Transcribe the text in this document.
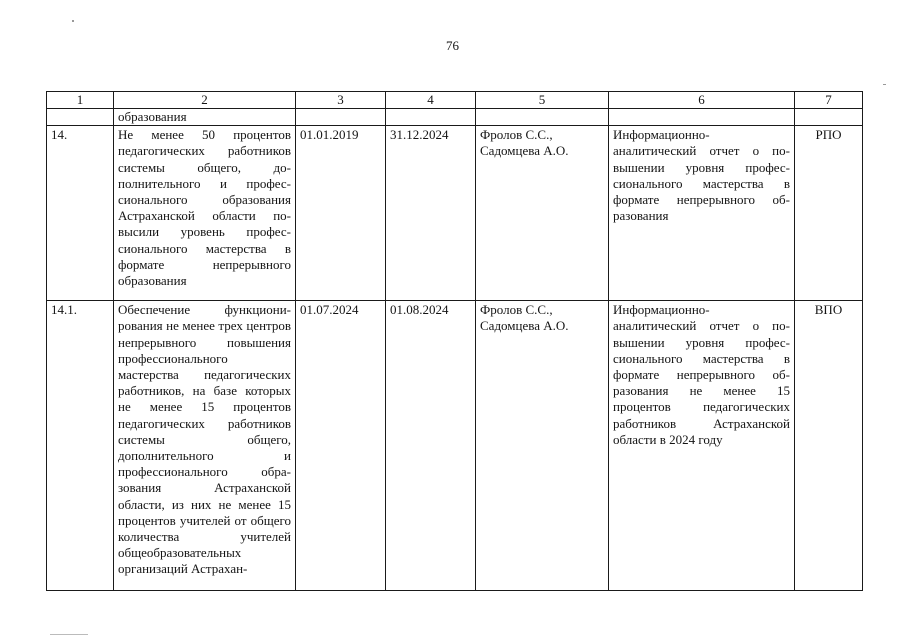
76
1	2	3	4	5	6	7
	образования					
14.	Не менее 50 процентов педагогических работников системы общего, дополнительного и профессионального образования Астраханской области повысили уровень профессионального мастерства в формате непрерывного образования	01.01.2019	31.12.2024	Фролов С.С., Садомцева А.О.	Информационно-аналитический отчет о повышении уровня профессионального мастерства в формате непрерывного образования	РПО
14.1.	Обеспечение функционирования не менее трех центров непрерывного повышения профессионального мастерства педагогических работников, на базе которых не менее 15 процентов педагогических работников системы общего, дополнительного и профессионального образования Астраханской области, из них не менее 15 процентов учителей от общего количества учителей общеобразовательных организаций Астрахан-	01.07.2024	01.08.2024	Фролов С.С., Садомцева А.О.	Информационно-аналитический отчет о повышении уровня профессионального мастерства в формате непрерывного образования не менее 15 процентов педагогических работников Астраханской области в 2024 году	ВПО
